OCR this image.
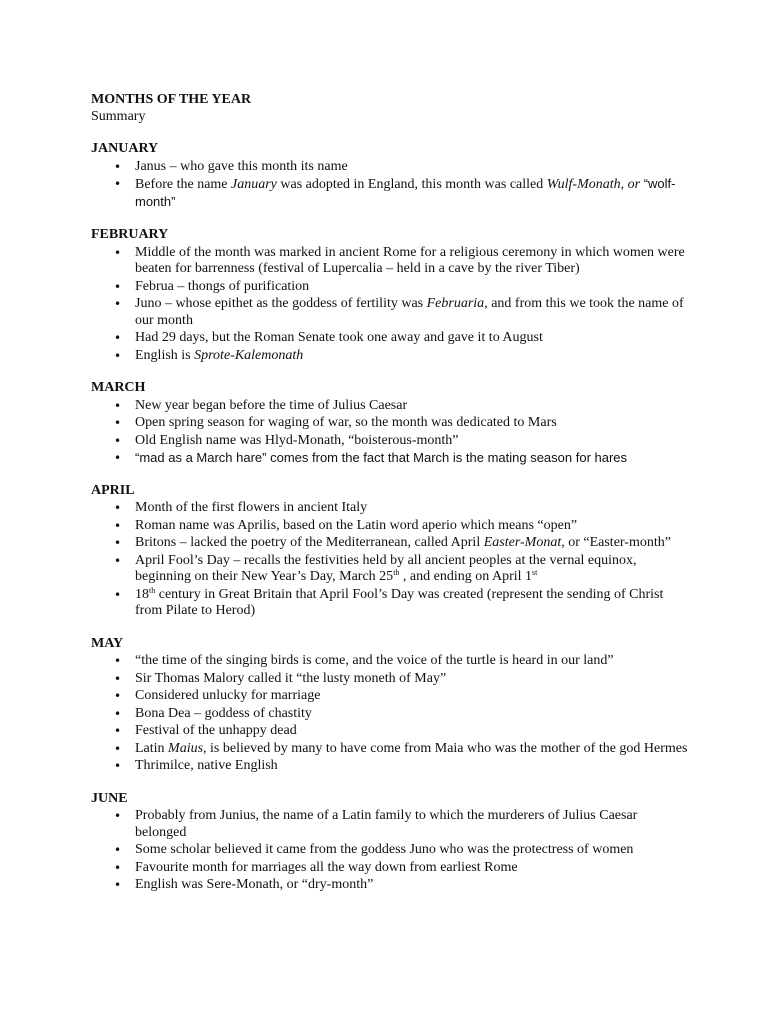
MONTHS OF THE YEAR

Summary

JANUARY

• Janus – who gave this month its name
• Before the name January was adopted in England, this month was called Wulf-Monath, or “wolf-month”

FEBRUARY

• Middle of the month was marked in ancient Rome for a religious ceremony in which women were beaten for barrenness (festival of Lupercalia – held in a cave by the river Tiber)
• Februa – thongs of purification
• Juno – whose epithet as the goddess of fertility was Februaria, and from this we took the name of our month
• Had 29 days, but the Roman Senate took one away and gave it to August
• English is Sprote-Kalemonath

MARCH

• New year began before the time of Julius Caesar
• Open spring season for waging of war, so the month was dedicated to Mars
• Old English name was Hlyd-Monath, “boisterous-month”
• “mad as a March hare” comes from the fact that March is the mating season for hares

APRIL

• Month of the first flowers in ancient Italy
• Roman name was Aprilis, based on the Latin word aperio which means “open”
• Britons – lacked the poetry of the Mediterranean, called April Easter-Monat, or “Easter-month”
• April Fool’s Day – recalls the festivities held by all ancient peoples at the vernal equinox, beginning on their New Year’s Day, March 25th , and ending on April 1st
• 18th century in Great Britain that April Fool’s Day was created (represent the sending of Christ from Pilate to Herod)

MAY

• “the time of the singing birds is come, and the voice of the turtle is heard in our land”
• Sir Thomas Malory called it “the lusty moneth of May”
• Considered unlucky for marriage
• Bona Dea – goddess of chastity
• Festival of the unhappy dead
• Latin Maius, is believed by many to have come from Maia who was the mother of the god Hermes
• Thrimilce, native English

JUNE

• Probably from Junius, the name of a Latin family to which the murderers of Julius Caesar belonged
• Some scholar believed it came from the goddess Juno who was the protectress of women
• Favourite month for marriages all the way down from earliest Rome
• English was Sere-Monath, or “dry-month”
